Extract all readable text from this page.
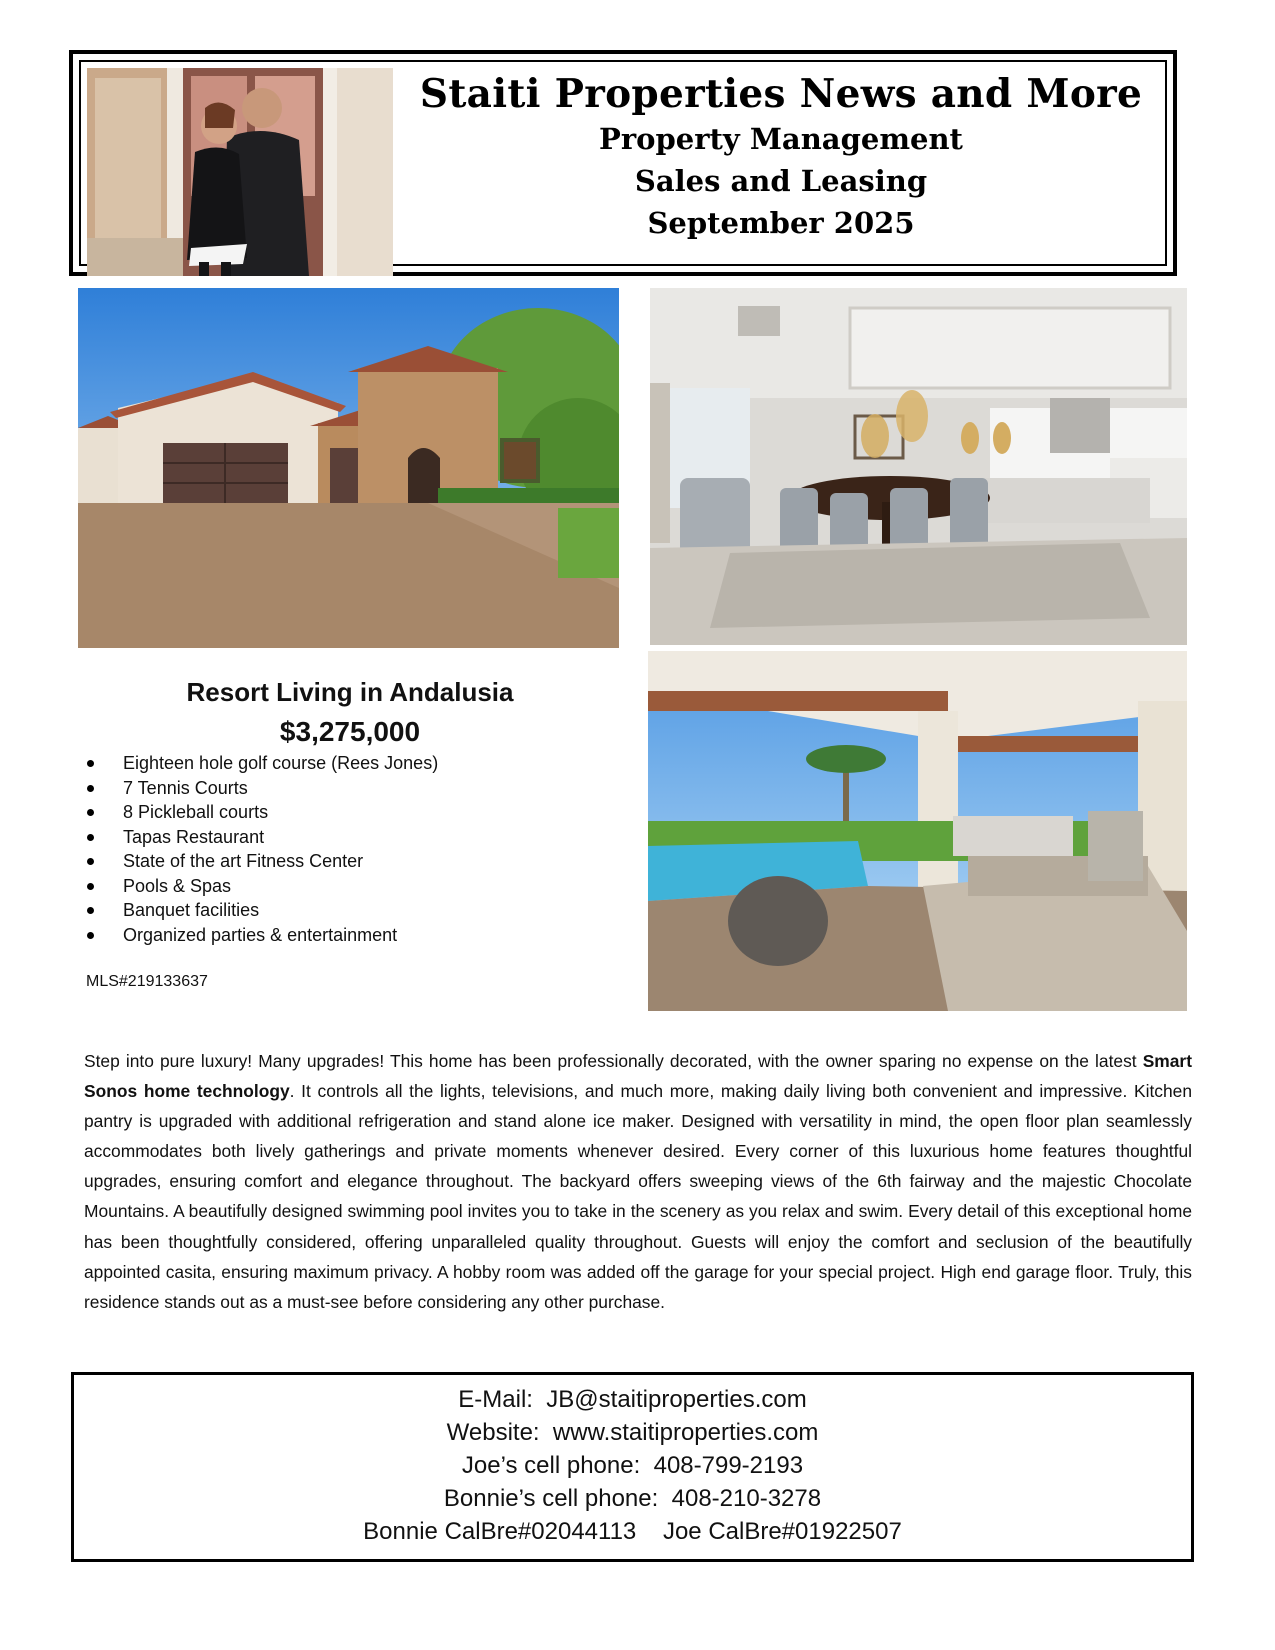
Staiti Properties News and More
Property Management
Sales and Leasing
September 2025
Resort Living in Andalusia
$3,275,000
Eighteen hole golf course (Rees Jones)
7 Tennis Courts
8 Pickleball courts
Tapas Restaurant
State of the art Fitness Center
Pools & Spas
Banquet facilities
Organized parties & entertainment
MLS#219133637
Step into pure luxury! Many upgrades! This home has been professionally decorated, with the owner sparing no expense on the latest Smart Sonos home technology. It controls all the lights, televisions, and much more, making daily living both convenient and impressive. Kitchen pantry is upgraded with additional refrigeration and stand alone ice maker. Designed with versatility in mind, the open floor plan seamlessly accommodates both lively gatherings and private moments whenever desired. Every corner of this luxurious home features thoughtful upgrades, ensuring comfort and elegance throughout. The backyard offers sweeping views of the 6th fairway and the majestic Chocolate Mountains. A beautifully designed swimming pool invites you to take in the scenery as you relax and swim. Every detail of this exceptional home has been thoughtfully considered, offering unparalleled quality throughout. Guests will enjoy the comfort and seclusion of the beautifully appointed casita, ensuring maximum privacy. A hobby room was added off the garage for your special project. High end garage floor. Truly, this residence stands out as a must-see before considering any other purchase.
E-Mail:  JB@staitiproperties.com
Website:  www.staitiproperties.com
Joe’s cell phone:  408-799-2193
Bonnie’s cell phone:  408-210-3278
Bonnie CalBre#02044113    Joe CalBre#01922507
